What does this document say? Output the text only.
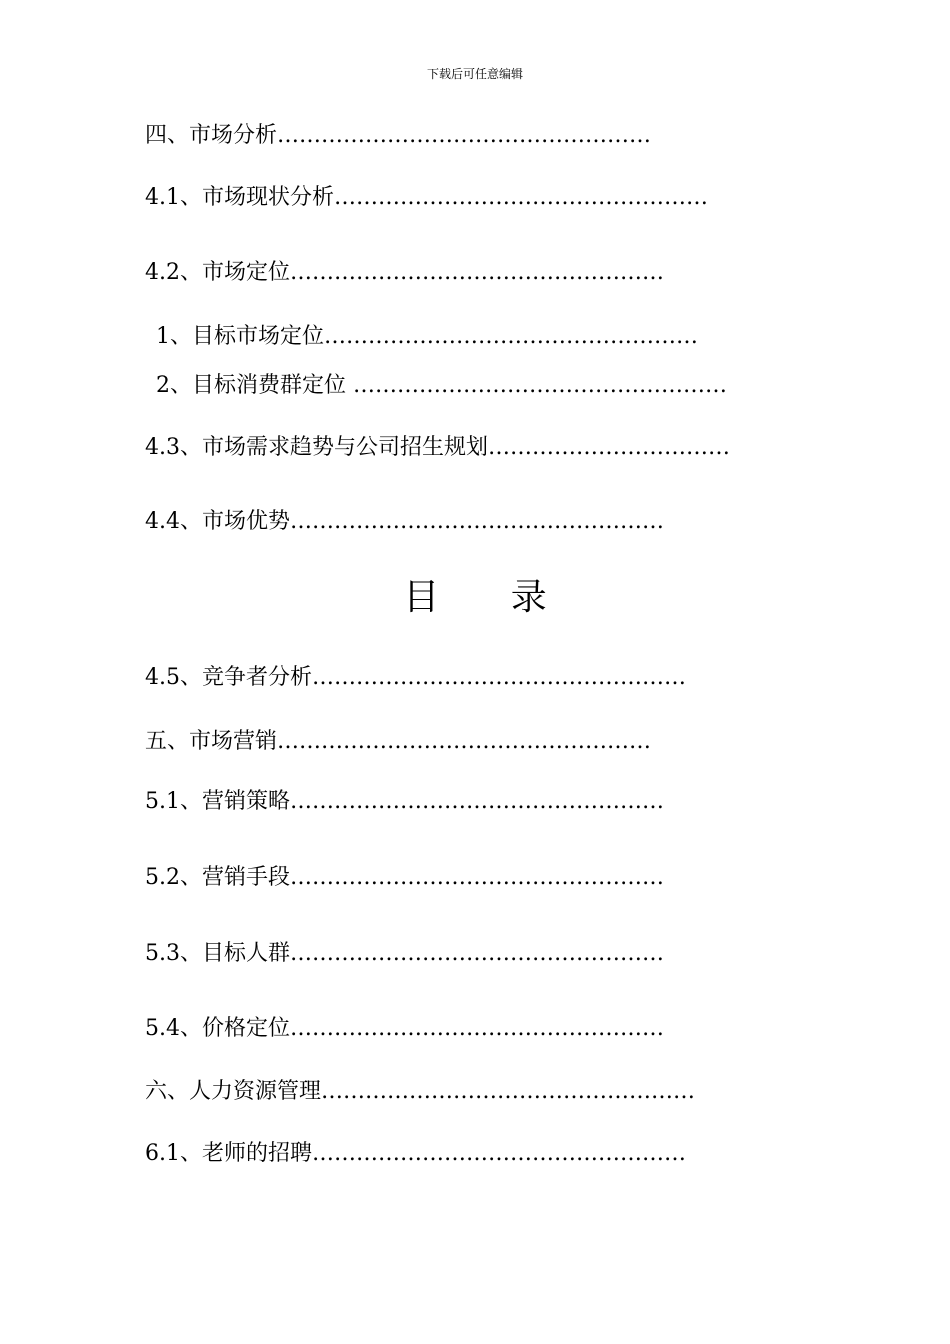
下载后可任意编辑
四、市场分析……………………………………………
4.1、市场现状分析……………………………………………
4.2、市场定位……………………………………………
1、目标市场定位……………………………………………
2、目标消费群定位 ……………………………………………
4.3、市场需求趋势与公司招生规划……………………………
4.4、市场优势……………………………………………
目 录
4.5、竞争者分析……………………………………………
五、市场营销……………………………………………
5.1、营销策略……………………………………………
5.2、营销手段……………………………………………
5.3、目标人群……………………………………………
5.4、价格定位……………………………………………
六、人力资源管理……………………………………………
6.1、老师的招聘……………………………………………
